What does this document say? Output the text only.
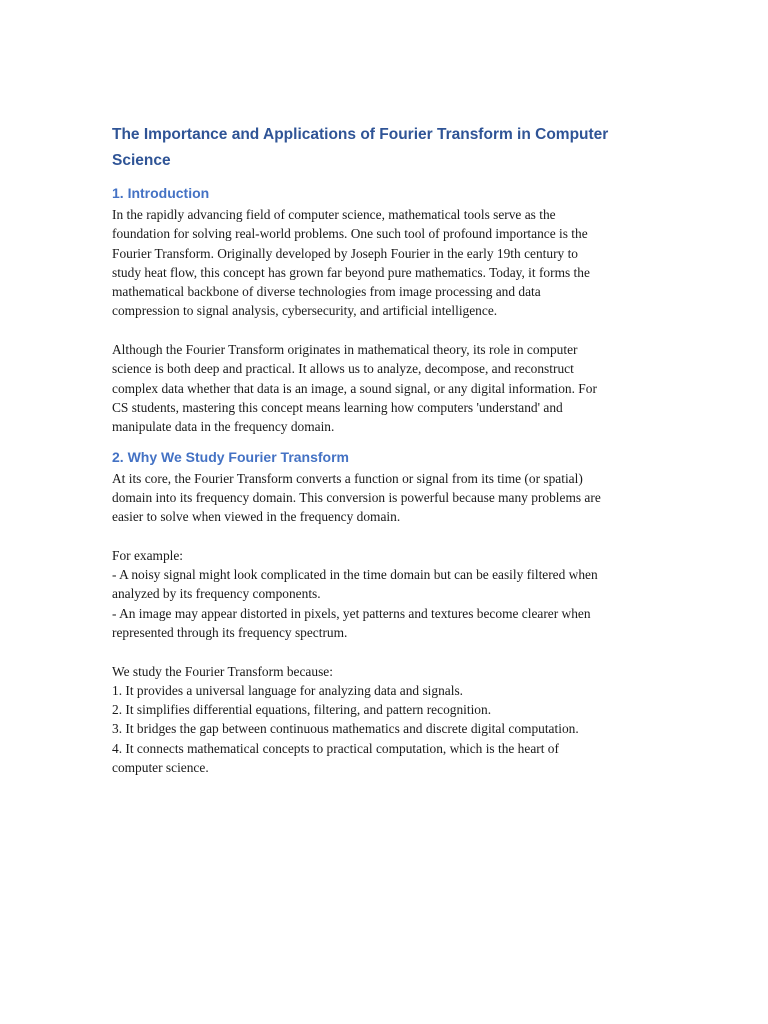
The Importance and Applications of Fourier Transform in Computer
Science
1. Introduction

In the rapidly advancing field of computer science, mathematical tools serve as the
foundation for solving real-world problems. One such tool of profound importance is the
Fourier Transform. Originally developed by Joseph Fourier in the early 19th century to
study heat flow, this concept has grown far beyond pure mathematics. Today, it forms the
mathematical backbone of diverse technologies from image processing and data
compression to signal analysis, cybersecurity, and artificial intelligence.

Although the Fourier Transform originates in mathematical theory, its role in computer
science is both deep and practical. It allows us to analyze, decompose, and reconstruct
complex data whether that data is an image, a sound signal, or any digital information. For
CS students, mastering this concept means learning how computers 'understand' and
manipulate data in the frequency domain.

2. Why We Study Fourier Transform

At its core, the Fourier Transform converts a function or signal from its time (or spatial)
domain into its frequency domain. This conversion is powerful because many problems are
easier to solve when viewed in the frequency domain.

For example:
- A noisy signal might look complicated in the time domain but can be easily filtered when
analyzed by its frequency components.
- An image may appear distorted in pixels, yet patterns and textures become clearer when
represented through its frequency spectrum.

We study the Fourier Transform because:
1. It provides a universal language for analyzing data and signals.
2. It simplifies differential equations, filtering, and pattern recognition.
3. It bridges the gap between continuous mathematics and discrete digital computation.
4. It connects mathematical concepts to practical computation, which is the heart of
computer science.
